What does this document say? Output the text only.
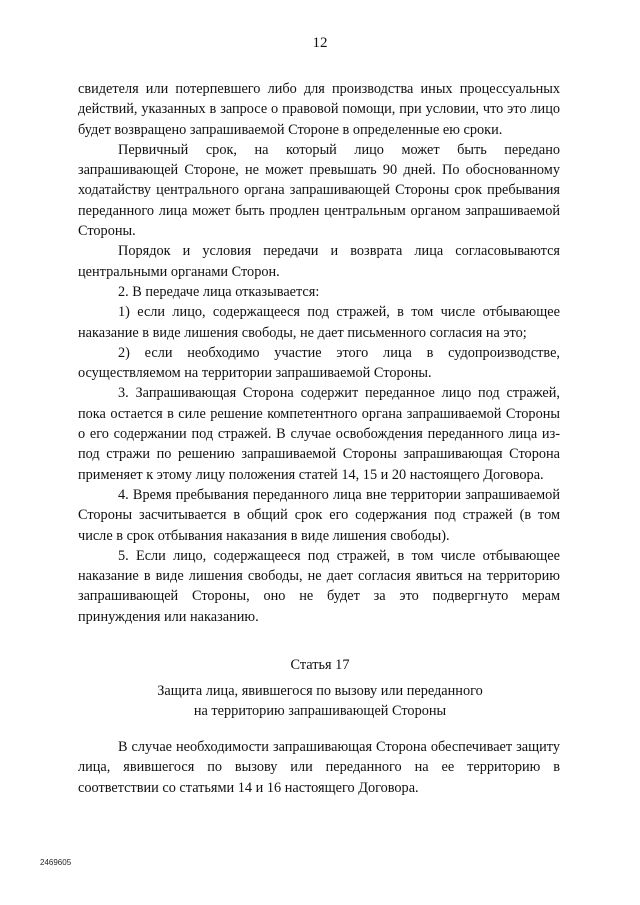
12

свидетеля или потерпевшего либо для производства иных процессуальных действий, указанных в запросе о правовой помощи, при условии, что это лицо будет возвращено запрашиваемой Стороне в определенные ею сроки.

Первичный срок, на который лицо может быть передано запрашивающей Стороне, не может превышать 90 дней. По обоснованному ходатайству центрального органа запрашивающей Стороны срок пребывания переданного лица может быть продлен центральным органом запрашиваемой Стороны.

Порядок и условия передачи и возврата лица согласовываются центральными органами Сторон.

2. В передаче лица отказывается:

1) если лицо, содержащееся под стражей, в том числе отбывающее наказание в виде лишения свободы, не дает письменного согласия на это;

2) если необходимо участие этого лица в судопроизводстве, осуществляемом на территории запрашиваемой Стороны.

3. Запрашивающая Сторона содержит переданное лицо под стражей, пока остается в силе решение компетентного органа запрашиваемой Стороны о его содержании под стражей. В случае освобождения переданного лица из-под стражи по решению запрашиваемой Стороны запрашивающая Сторона применяет к этому лицу положения статей 14, 15 и 20 настоящего Договора.

4. Время пребывания переданного лица вне территории запрашиваемой Стороны засчитывается в общий срок его содержания под стражей (в том числе в срок отбывания наказания в виде лишения свободы).

5. Если лицо, содержащееся под стражей, в том числе отбывающее наказание в виде лишения свободы, не дает согласия явиться на территорию запрашивающей Стороны, оно не будет за это подвергнуто мерам принуждения или наказанию.

Статья 17
Защита лица, явившегося по вызову или переданного
на территорию запрашивающей Стороны

В случае необходимости запрашивающая Сторона обеспечивает защиту лица, явившегося по вызову или переданного на ее территорию в соответствии со статьями 14 и 16 настоящего Договора.

2469605
